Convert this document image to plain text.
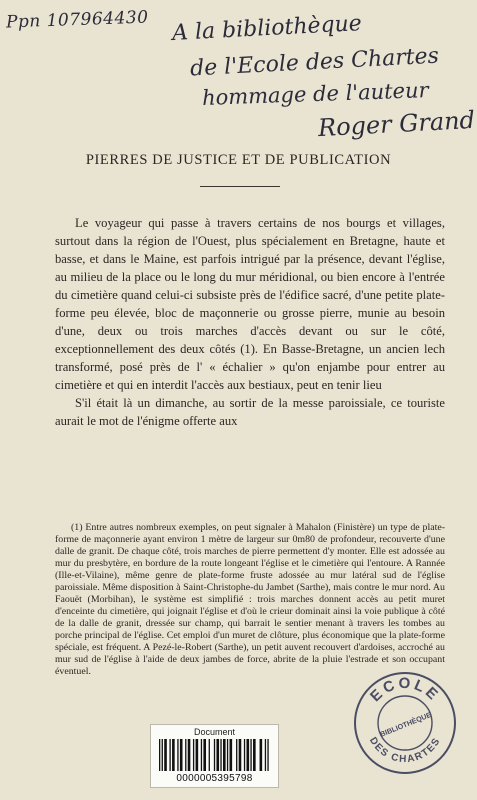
Ppn 107964430 A la bibliothèque
de l'Ecole des Chartes
hommage de l'auteur
Roger Grand
PIERRES DE JUSTICE ET DE PUBLICATION

Le voyageur qui passe à travers certains de nos bourgs et villages, surtout dans la région de l'Ouest, plus spécialement en Bretagne, haute et basse, et dans le Maine, est parfois intrigué par la présence, devant l'église, au milieu de la place ou le long du mur méridional, ou bien encore à l'entrée du cimetière quand celui-ci subsiste près de l'édifice sacré, d'une petite plate-forme peu élevée, bloc de maçonnerie ou grosse pierre, munie au besoin d'une, deux ou trois marches d'accès devant ou sur le côté, exceptionnellement des deux côtés (1). En Basse-Bretagne, un ancien lech transformé, posé près de l' « échalier » qu'on enjambe pour entrer au cimetière et qui en interdit l'accès aux bestiaux, peut en tenir lieu

S'il était là un dimanche, au sortir de la messe paroissiale, ce touriste aurait le mot de l'énigme offerte aux

(1) Entre autres nombreux exemples, on peut signaler à Mahalon (Finistère) un type de plate-forme de maçonnerie ayant environ 1 mètre de largeur sur 0m80 de profondeur, recouverte d'une dalle de granit. De chaque côté, trois marches de pierre permettent d'y monter. Elle est adossée au mur du presbytère, en bordure de la route longeant l'église et le cimetière qui l'entoure. A Rannée (Ille-et-Vilaine), même genre de plate-forme fruste adossée au mur latéral sud de l'église paroissiale. Même disposition à Saint-Christophe-du Jambet (Sarthe), mais contre le mur nord. Au Faouët (Morbihan), le système est simplifié : trois marches donnent accès au petit muret d'enceinte du cimetière, qui joignait l'église et d'où le crieur dominait ainsi la voie publique à côté de la dalle de granit, dressée sur champ, qui barrait le sentier menant à travers les tombes au porche principal de l'église. Cet emploi d'un muret de clôture, plus économique que la plate-forme spéciale, est fréquent. A Pezé-le-Robert (Sarthe), un petit auvent recouvert d'ardoises, accroché au mur sud de l'église à l'aide de deux jambes de force, abrite de la pluie l'estrade et son occupant éventuel.

ECOLE
BIBLIOTHÈQUE
DES CHARTES
Document
0000005395798
